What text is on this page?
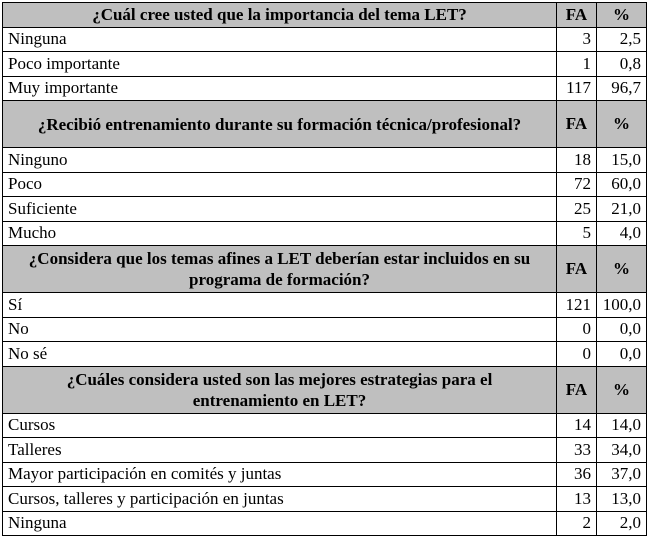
¿Cuál cree usted que la importancia del tema LET?	FA	%
Ninguna	3	2,5
Poco importante	1	0,8
Muy importante	117	96,7
¿Recibió entrenamiento durante su formación técnica/profesional?	FA	%
Ninguno	18	15,0
Poco	72	60,0
Suficiente	25	21,0
Mucho	5	4,0
¿Considera que los temas afines a LET deberían estar incluidos en su programa de formación?	FA	%
Sí	121	100,0
No	0	0,0
No sé	0	0,0
¿Cuáles considera usted son las mejores estrategias para el entrenamiento en LET?	FA	%
Cursos	14	14,0
Talleres	33	34,0
Mayor participación en comités y juntas	36	37,0
Cursos, talleres y participación en juntas	13	13,0
Ninguna	2	2,0
